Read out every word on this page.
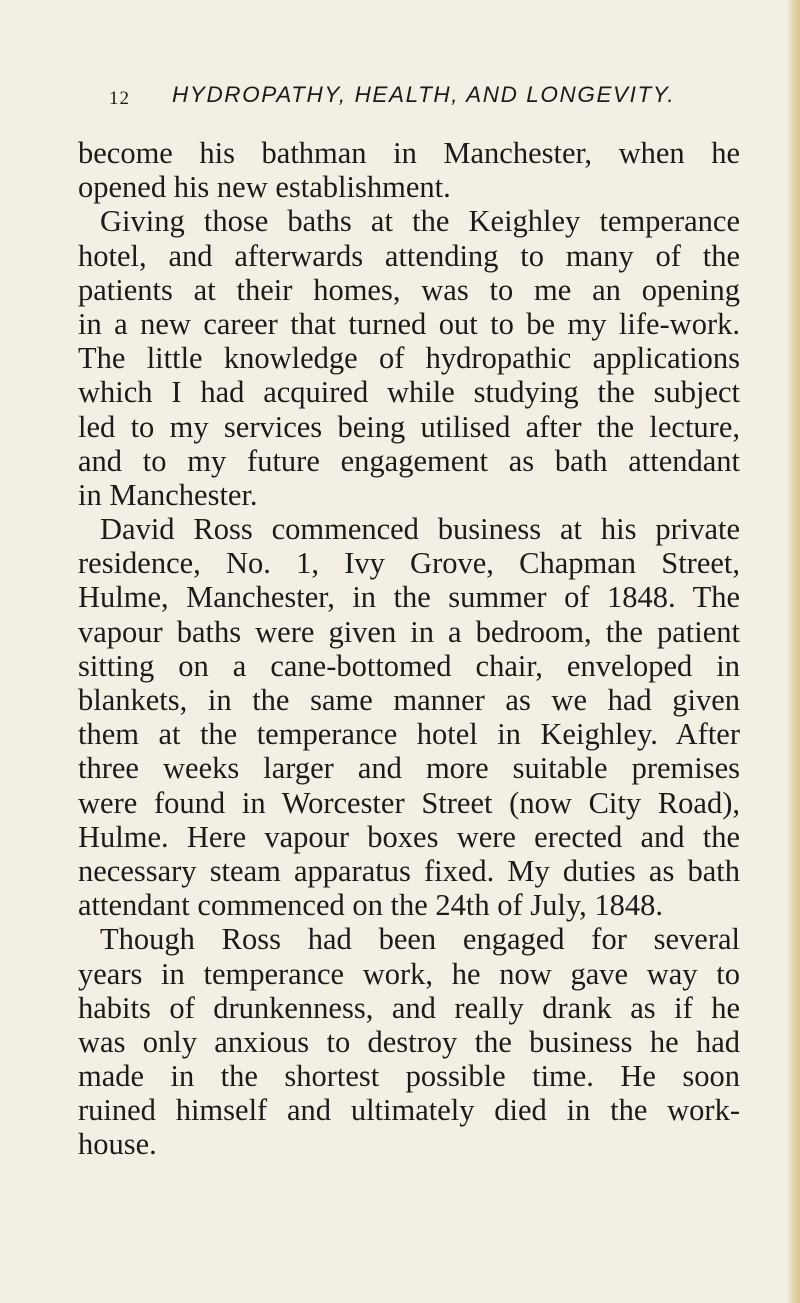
12 HYDROPATHY, HEALTH, AND LONGEVITY.
become his bathman in Manchester, when he
opened his new establishment.
Giving those baths at the Keighley temperance
hotel, and afterwards attending to many of the
patients at their homes, was to me an opening
in a new career that turned out to be my life-work.
The little knowledge of hydropathic applications
which I had acquired while studying the subject
led to my services being utilised after the lecture,
and to my future engagement as bath attendant
in Manchester.
David Ross commenced business at his private
residence, No. 1, Ivy Grove, Chapman Street,
Hulme, Manchester, in the summer of 1848. The
vapour baths were given in a bedroom, the patient
sitting on a cane-bottomed chair, enveloped in
blankets, in the same manner as we had given
them at the temperance hotel in Keighley. After
three weeks larger and more suitable premises
were found in Worcester Street (now City Road),
Hulme. Here vapour boxes were erected and the
necessary steam apparatus fixed. My duties as bath
attendant commenced on the 24th of July, 1848.
Though Ross had been engaged for several
years in temperance work, he now gave way to
habits of drunkenness, and really drank as if he
was only anxious to destroy the business he had
made in the shortest possible time. He soon
ruined himself and ultimately died in the work-
house.
